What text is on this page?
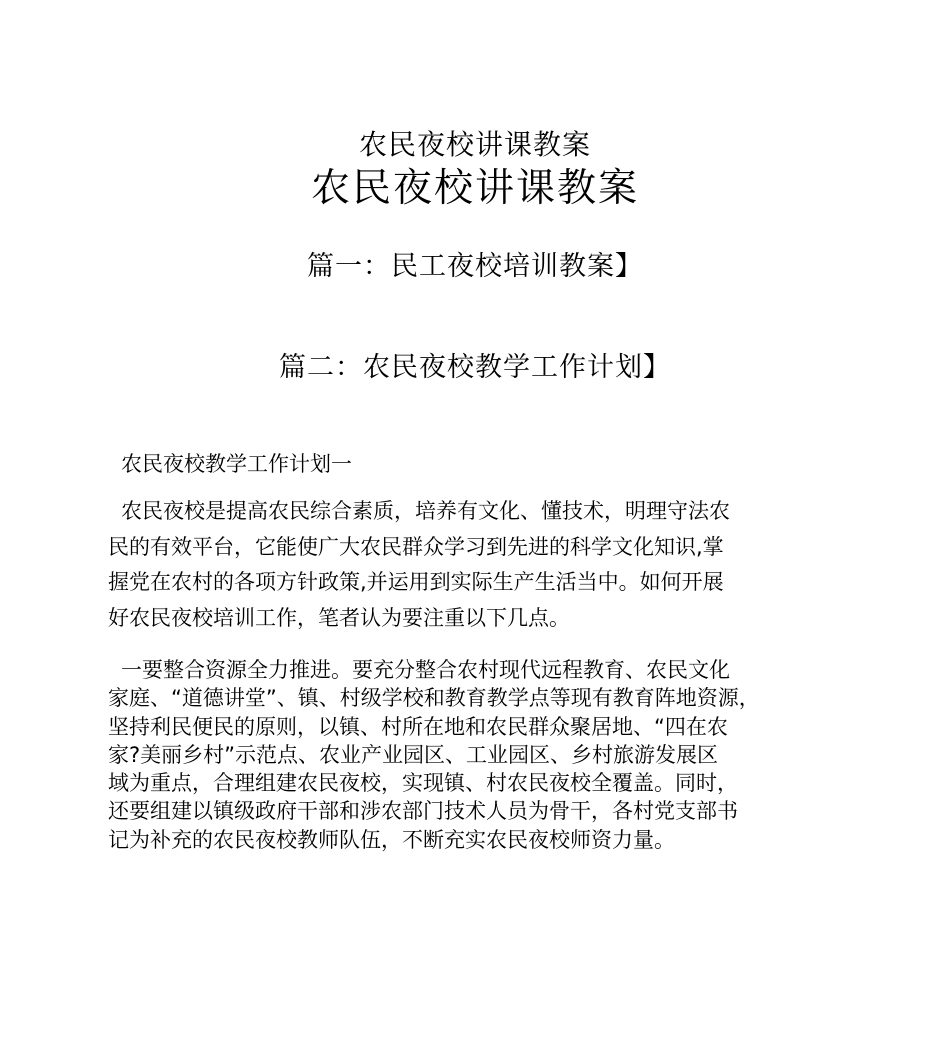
农民夜校讲课教案
农民夜校讲课教案
篇一：民工夜校培训教案】
篇二：农民夜校教学工作计划】
农民夜校教学工作计划一
农民夜校是提高农民综合素质，培养有文化、懂技术，明理守法农
民的有效平台，它能使广大农民群众学习到先进的科学文化知识,掌
握党在农村的各项方针政策,并运用到实际生产生活当中。如何开展
好农民夜校培训工作，笔者认为要注重以下几点。
一要整合资源全力推进。要充分整合农村现代远程教育、农民文化
家庭、“道德讲堂”、镇、村级学校和教育教学点等现有教育阵地资源，
坚持利民便民的原则，以镇、村所在地和农民群众聚居地、“四在农
家?美丽乡村”示范点、农业产业园区、工业园区、乡村旅游发展区
域为重点，合理组建农民夜校，实现镇、村农民夜校全覆盖。同时，
还要组建以镇级政府干部和涉农部门技术人员为骨干，各村党支部书
记为补充的农民夜校教师队伍，不断充实农民夜校师资力量。
